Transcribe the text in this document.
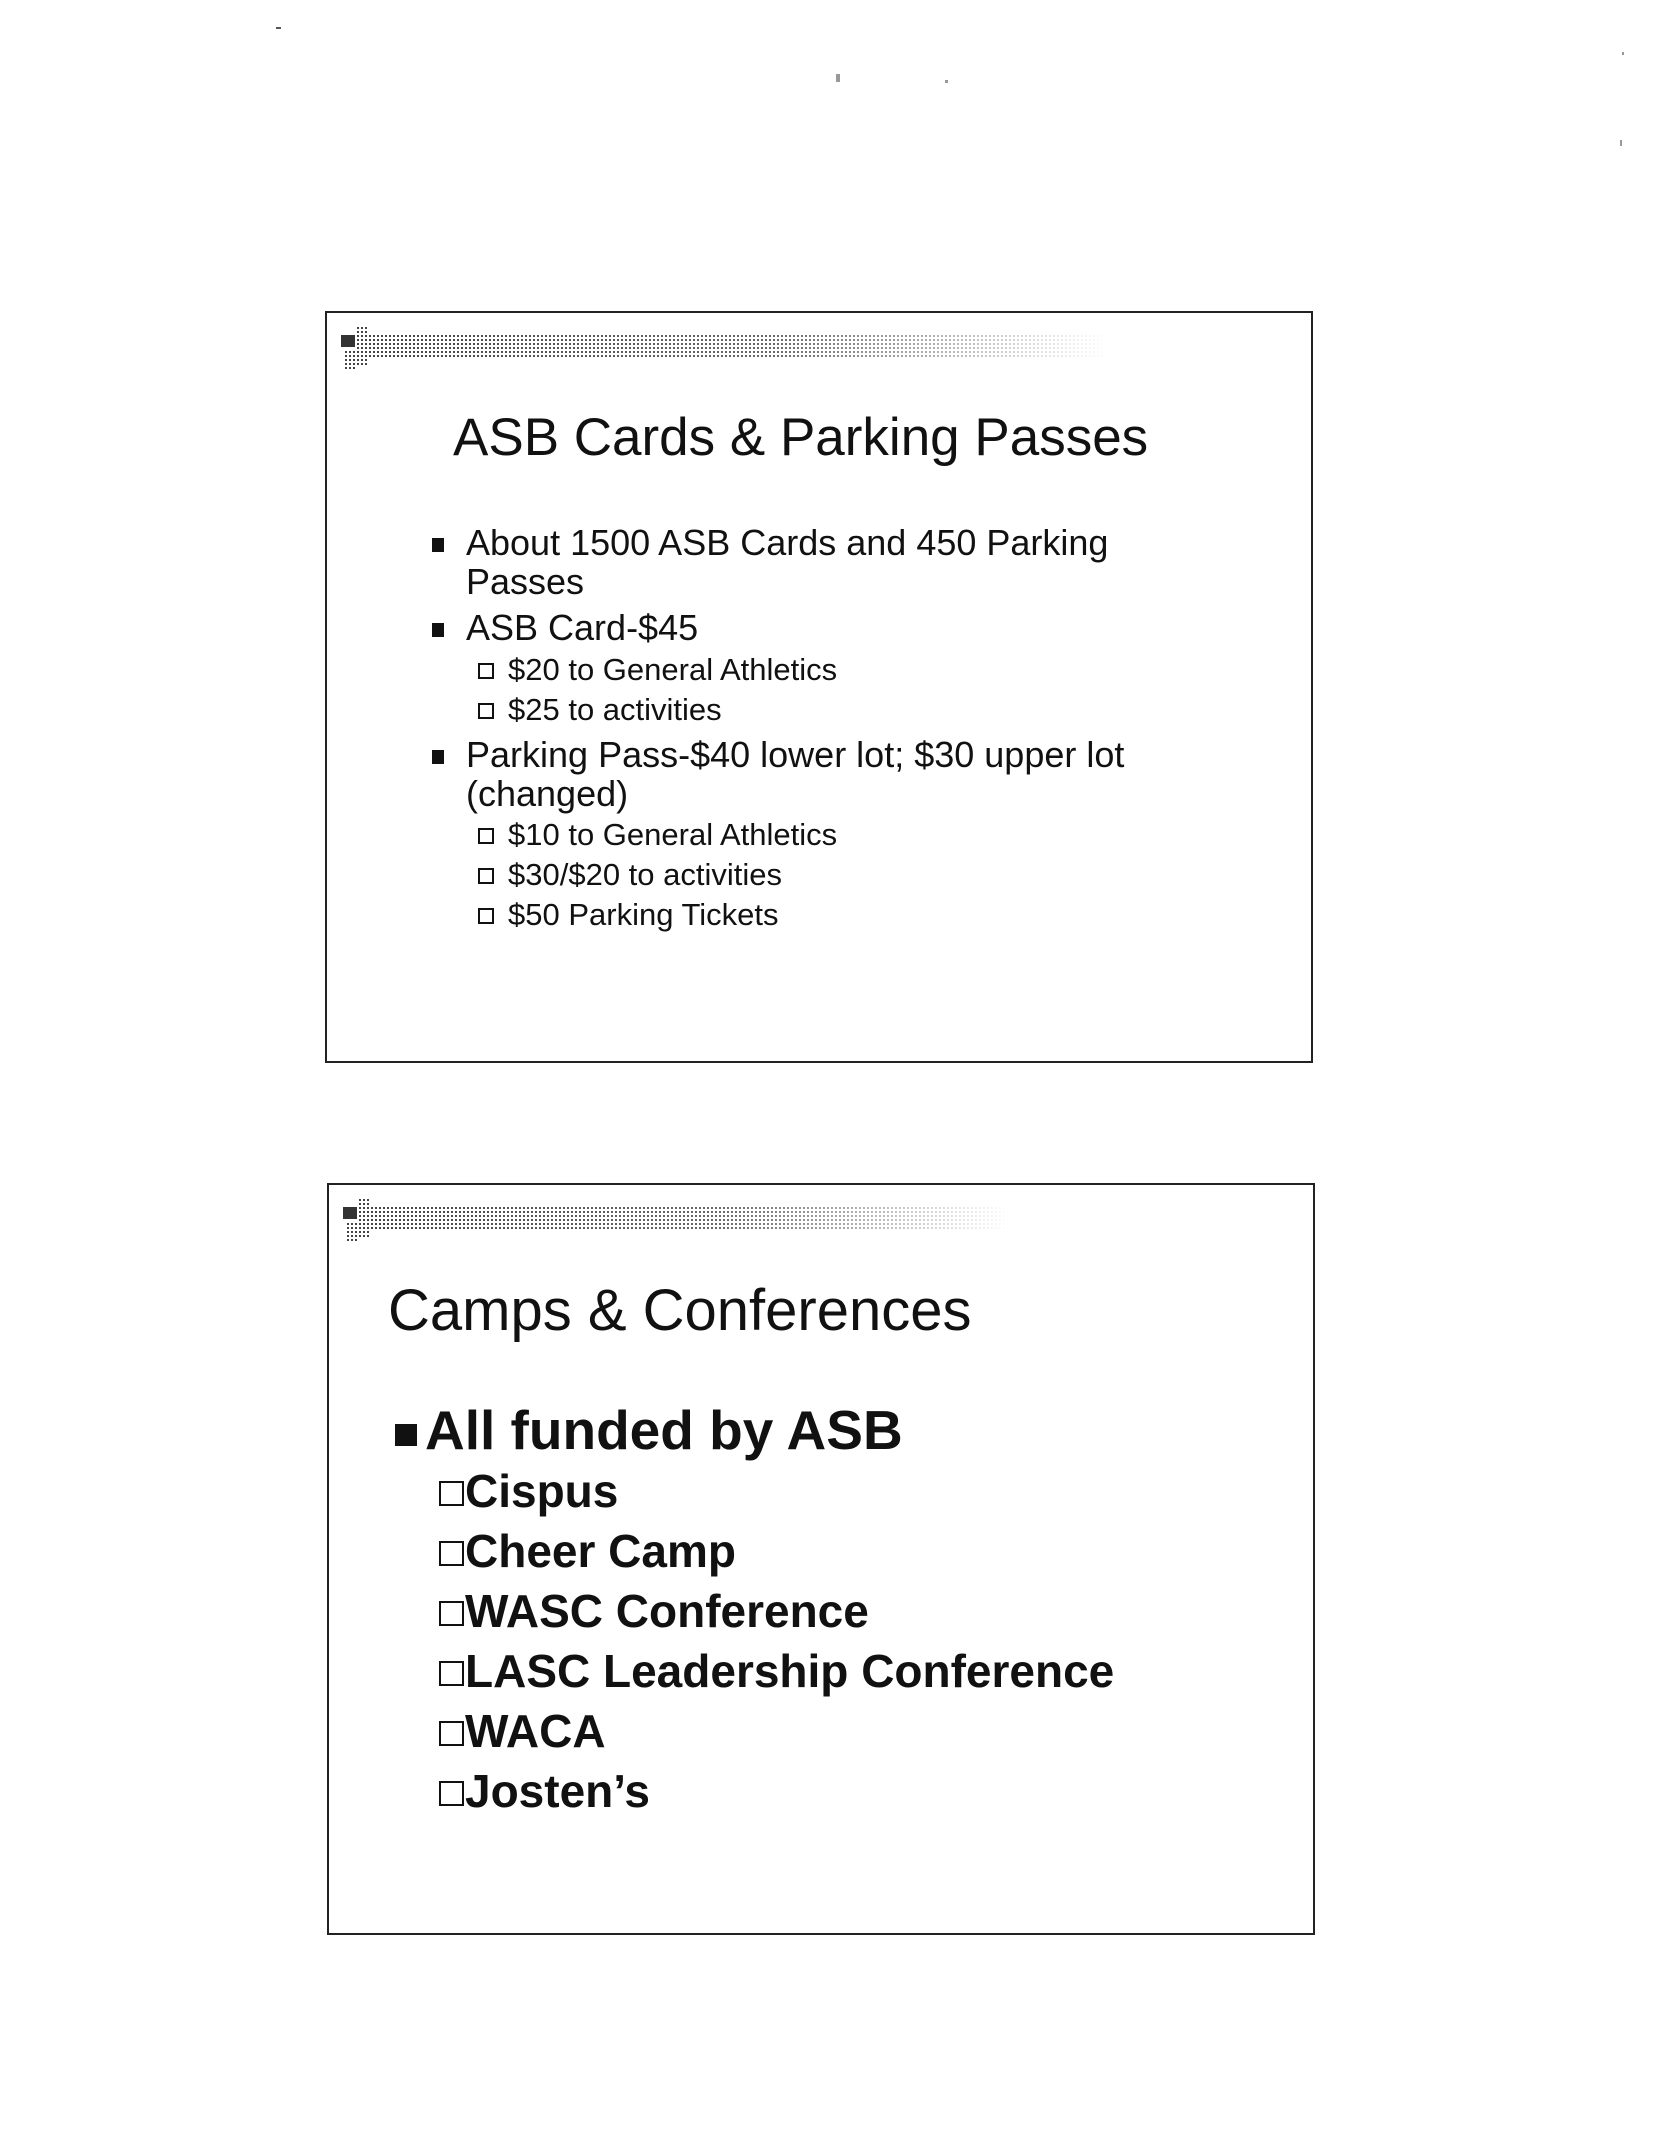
ASB Cards & Parking Passes
About 1500 ASB Cards and 450 Parking Passes
ASB Card-$45
$20 to General Athletics
$25 to activities
Parking Pass-$40 lower lot; $30 upper lot (changed)
$10 to General Athletics
$30/$20 to activities
$50 Parking Tickets
Camps & Conferences
All funded by ASB
Cispus
Cheer Camp
WASC Conference
LASC Leadership Conference
WACA
Josten’s
